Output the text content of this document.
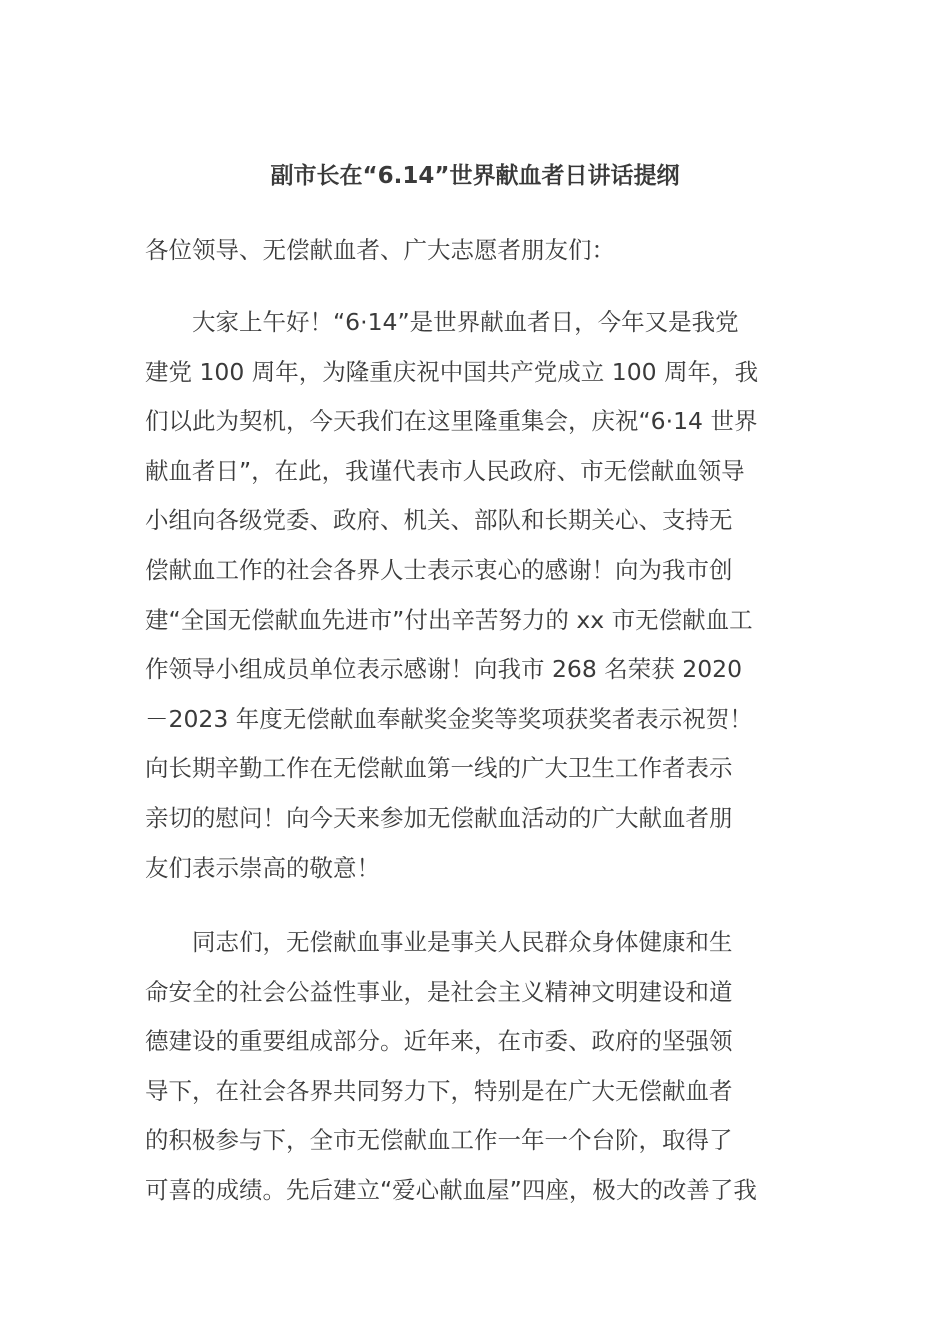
副市长在“6.14”世界献血者日讲话提纲
各位领导、无偿献血者、广大志愿者朋友们：
　　大家上午好！“6·14”是世界献血者日，今年又是我党
建党 100 周年，为隆重庆祝中国共产党成立 100 周年，我
们以此为契机，今天我们在这里隆重集会，庆祝“6·14 世界
献血者日”，在此，我谨代表市人民政府、市无偿献血领导
小组向各级党委、政府、机关、部队和长期关心、支持无
偿献血工作的社会各界人士表示衷心的感谢！向为我市创
建“全国无偿献血先进市”付出辛苦努力的 xx 市无偿献血工
作领导小组成员单位表示感谢！向我市 268 名荣获 2020
－2023 年度无偿献血奉献奖金奖等奖项获奖者表示祝贺！
向长期辛勤工作在无偿献血第一线的广大卫生工作者表示
亲切的慰问！向今天来参加无偿献血活动的广大献血者朋
友们表示崇高的敬意！
　　同志们，无偿献血事业是事关人民群众身体健康和生
命安全的社会公益性事业，是社会主义精神文明建设和道
德建设的重要组成部分。近年来，在市委、政府的坚强领
导下，在社会各界共同努力下，特别是在广大无偿献血者
的积极参与下，全市无偿献血工作一年一个台阶，取得了
可喜的成绩。先后建立“爱心献血屋”四座，极大的改善了我
